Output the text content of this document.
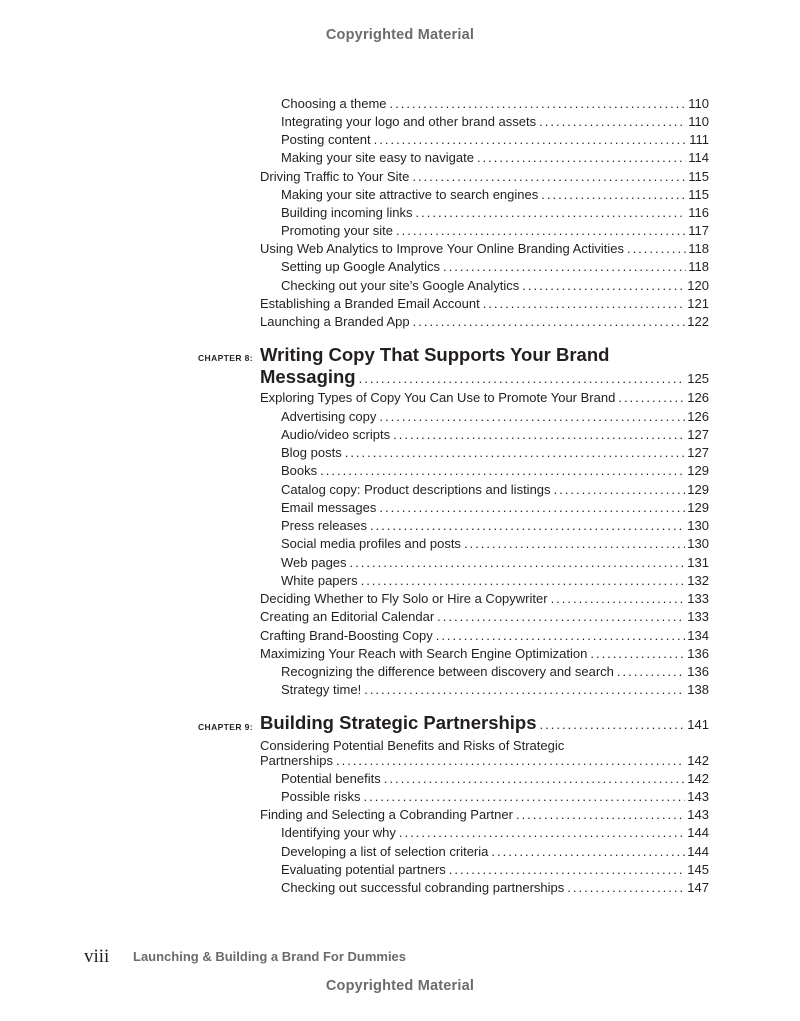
Copyrighted Material
Choosing a theme .....	110
Integrating your logo and other brand assets .....	110
Posting content .....	111
Making your site easy to navigate .....	114
Driving Traffic to Your Site .....	115
Making your site attractive to search engines .....	115
Building incoming links .....	116
Promoting your site .....	117
Using Web Analytics to Improve Your Online Branding Activities .....	118
Setting up Google Analytics .....	118
Checking out your site’s Google Analytics .....	120
Establishing a Branded Email Account .....	121
Launching a Branded App .....	122
CHAPTER 8: Writing Copy That Supports Your Brand
Messaging .....	125
Exploring Types of Copy You Can Use to Promote Your Brand .....	126
Advertising copy .....	126
Audio/video scripts .....	127
Blog posts .....	127
Books .....	129
Catalog copy: Product descriptions and listings .....	129
Email messages .....	129
Press releases .....	130
Social media profiles and posts .....	130
Web pages .....	131
White papers .....	132
Deciding Whether to Fly Solo or Hire a Copywriter .....	133
Creating an Editorial Calendar .....	133
Crafting Brand-Boosting Copy .....	134
Maximizing Your Reach with Search Engine Optimization .....	136
Recognizing the difference between discovery and search .....	136
Strategy time! .....	138
CHAPTER 9: Building Strategic Partnerships .....	141
Considering Potential Benefits and Risks of Strategic
Partnerships .....	142
Potential benefits .....	142
Possible risks .....	143
Finding and Selecting a Cobranding Partner .....	143
Identifying your why .....	144
Developing a list of selection criteria .....	144
Evaluating potential partners .....	145
Checking out successful cobranding partnerships .....	147
viii Launching & Building a Brand For Dummies
Copyrighted Material
